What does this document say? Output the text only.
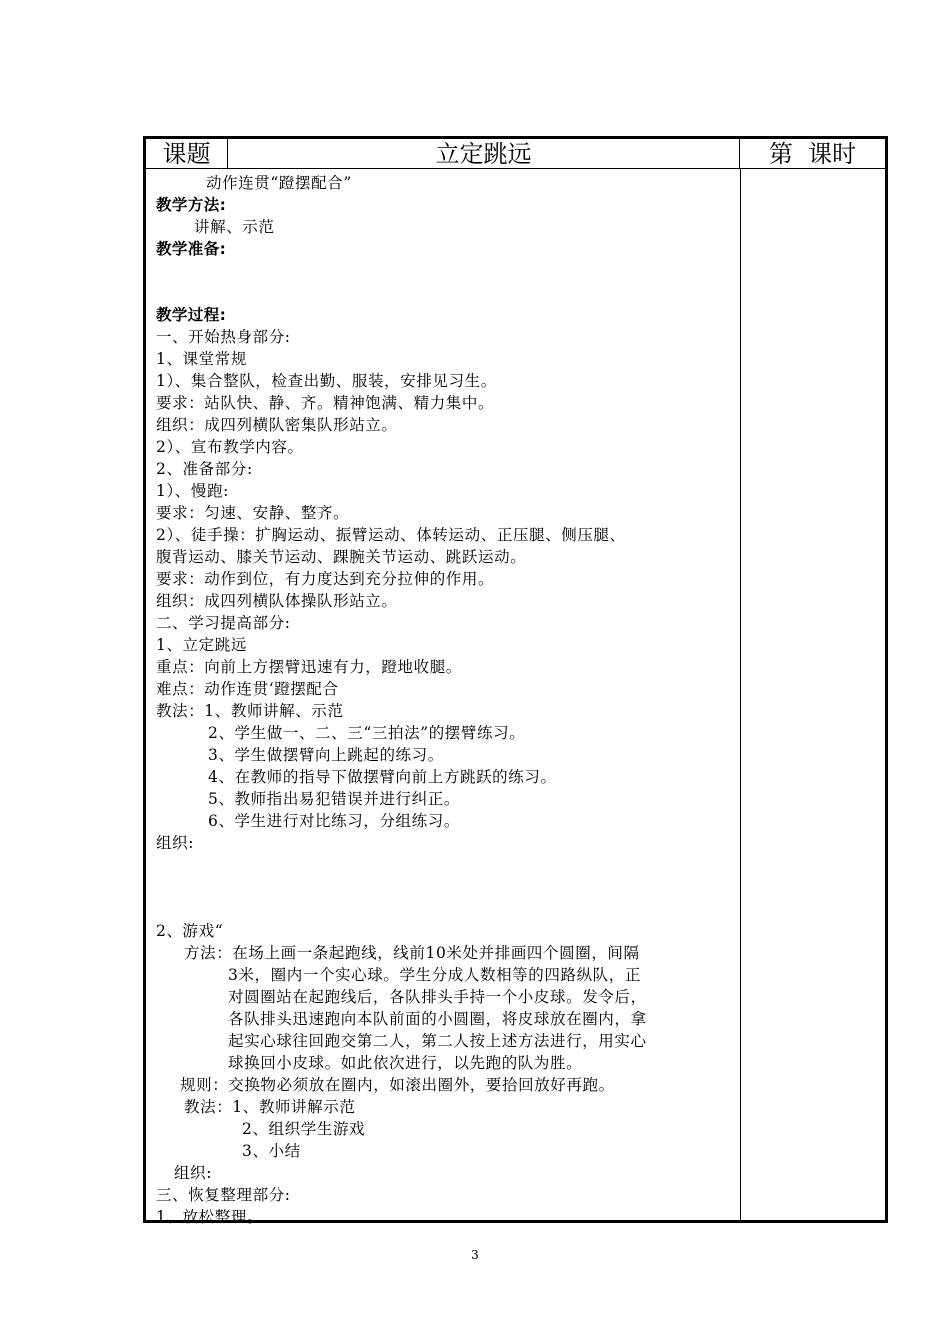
课题	立定跳远	第 课时
动作连贯“蹬摆配合”
教学方法:
讲解、示范
教学准备:
教学过程:
一、开始热身部分:
1、课堂常规
1）、集合整队，检查出勤、服装，安排见习生。
要求：站队快、静、齐。精神饱满、精力集中。
组织：成四列横队密集队形站立。
2）、宣布教学内容。
2、准备部分:
1）、慢跑:
要求：匀速、安静、整齐。
2）、徒手操：扩胸运动、振臂运动、体转运动、正压腿、侧压腿、
腹背运动、膝关节运动、踝腕关节运动、跳跃运动。
要求：动作到位，有力度达到充分拉伸的作用。
组织：成四列横队体操队形站立。
二、学习提高部分:
1、立定跳远
重点：向前上方摆臂迅速有力，蹬地收腿。
难点：动作连贯‘蹬摆配合
教法：1、教师讲解、示范
2、学生做一、二、三“三拍法”的摆臂练习。
3、学生做摆臂向上跳起的练习。
4、在教师的指导下做摆臂向前上方跳跃的练习。
5、教师指出易犯错误并进行纠正。
6、学生进行对比练习，分组练习。
组织:
2、游戏“
方法：在场上画一条起跑线，线前10米处并排画四个圆圈，间隔
3米，圈内一个实心球。学生分成人数相等的四路纵队，正
对圆圈站在起跑线后，各队排头手持一个小皮球。发令后，
各队排头迅速跑向本队前面的小圆圈，将皮球放在圈内，拿
起实心球往回跑交第二人，第二人按上述方法进行，用实心
球换回小皮球。如此依次进行，以先跑的队为胜。
规则：交换物必须放在圈内，如滚出圈外，要拾回放好再跑。
教法：1、教师讲解示范
2、组织学生游戏
3、小结
组织:
三、恢复整理部分:
1、放松整理。
3
